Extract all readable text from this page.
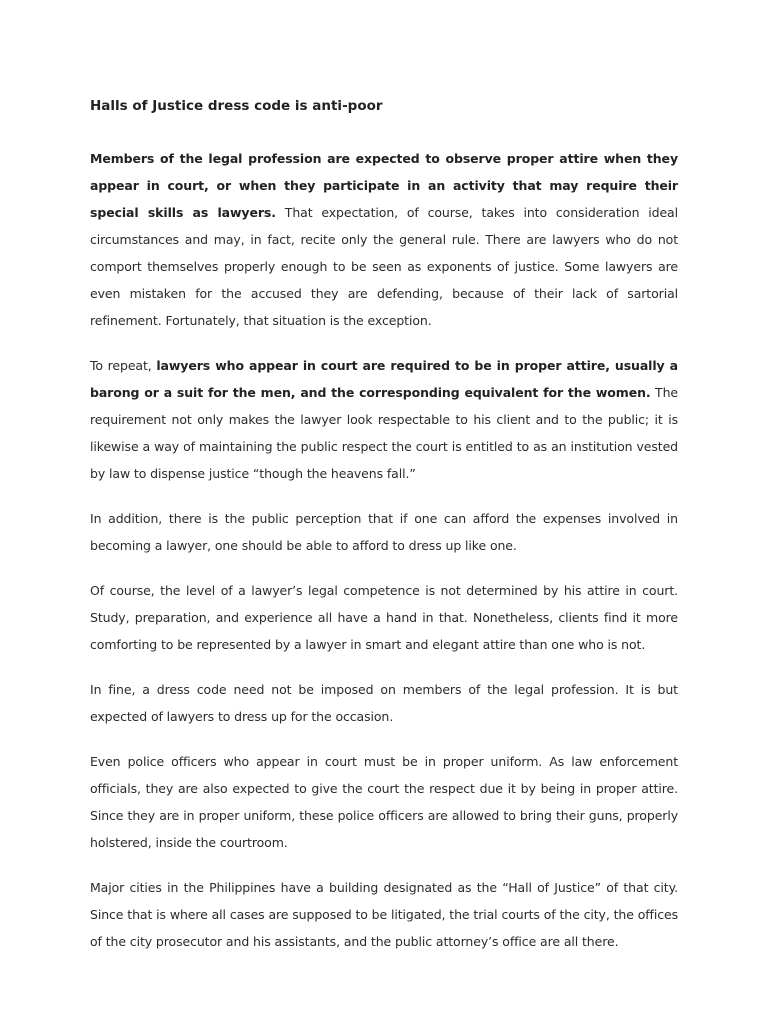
Halls of Justice dress code is anti-poor

Members of the legal profession are expected to observe proper attire when they appear in court, or when they participate in an activity that may require their special skills as lawyers. That expectation, of course, takes into consideration ideal circumstances and may, in fact, recite only the general rule. There are lawyers who do not comport themselves properly enough to be seen as exponents of justice. Some lawyers are even mistaken for the accused they are defending, because of their lack of sartorial refinement. Fortunately, that situation is the exception.

To repeat, lawyers who appear in court are required to be in proper attire, usually a barong or a suit for the men, and the corresponding equivalent for the women. The requirement not only makes the lawyer look respectable to his client and to the public; it is likewise a way of maintaining the public respect the court is entitled to as an institution vested by law to dispense justice “though the heavens fall.”

In addition, there is the public perception that if one can afford the expenses involved in becoming a lawyer, one should be able to afford to dress up like one.

Of course, the level of a lawyer’s legal competence is not determined by his attire in court. Study, preparation, and experience all have a hand in that. Nonetheless, clients find it more comforting to be represented by a lawyer in smart and elegant attire than one who is not.

In fine, a dress code need not be imposed on members of the legal profession. It is but expected of lawyers to dress up for the occasion.

Even police officers who appear in court must be in proper uniform. As law enforcement officials, they are also expected to give the court the respect due it by being in proper attire. Since they are in proper uniform, these police officers are allowed to bring their guns, properly holstered, inside the courtroom.

Major cities in the Philippines have a building designated as the “Hall of Justice” of that city. Since that is where all cases are supposed to be litigated, the trial courts of the city, the offices of the city prosecutor and his assistants, and the public attorney’s office are all there.
